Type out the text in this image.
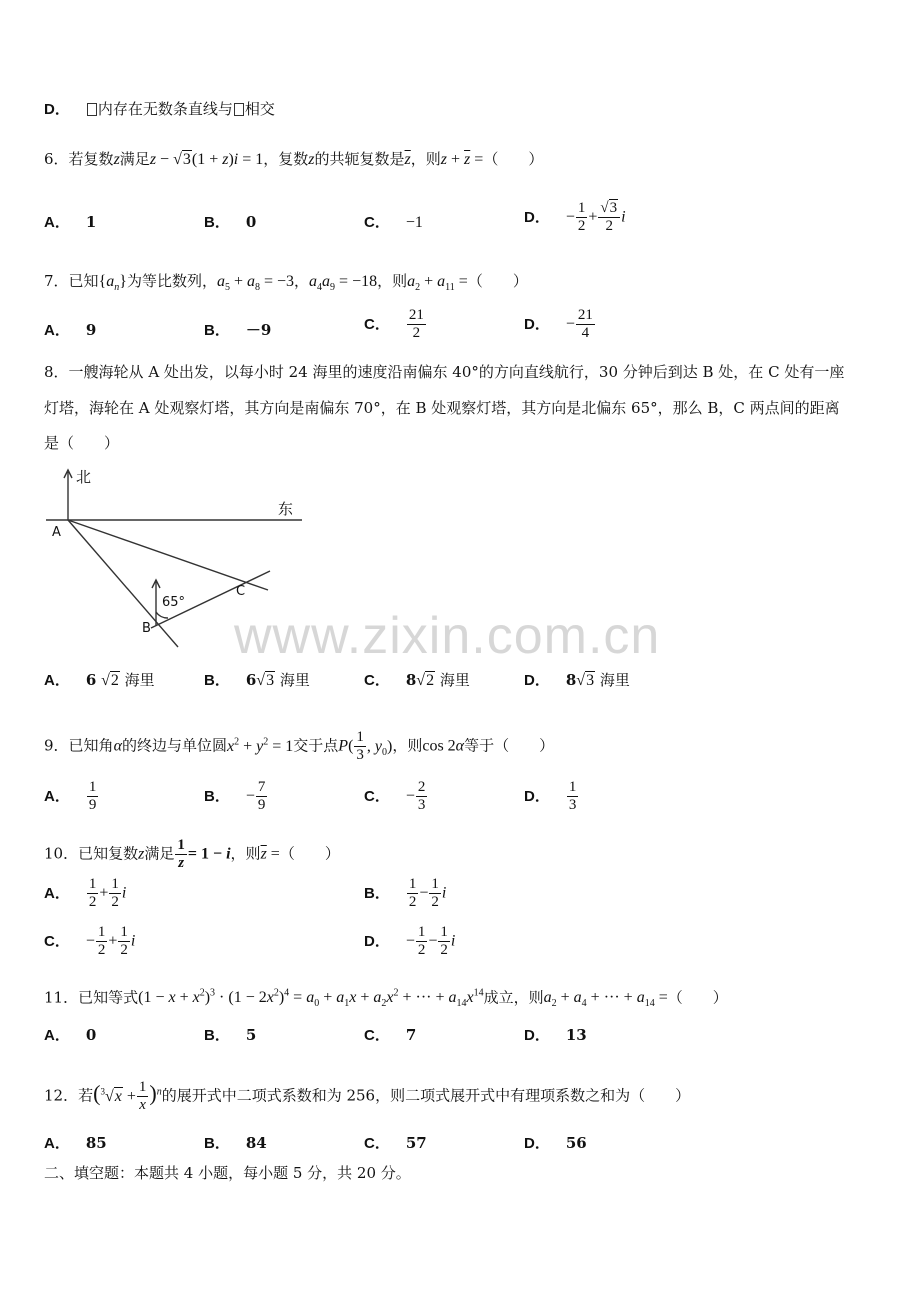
D． 内存在无数条直线与 相交
6．若复数z满足z − √3(1 + z)i = 1，复数z的共轭复数是$\overline{z}$，则$z + \overline{z}$ =（　　）
A． 1	B． 0	C． −1	D． − $\frac{1}{2} + \frac{√3}{2}$ i
7．已知$\{a_n\}$为等比数列，$a_5 + a_8 = -3$，$a_4a_9 = -18$，则$a_2 + a_{11}$ =（　　）
A． 9	B． －9	C． $\frac{21}{2}$	D． − $\frac{21}{4}$
8．一艘海轮从 A 处出发，以每小时 24 海里的速度沿南偏东 40°的方向直线航行，30 分钟后到达 B 处，在 C 处有一座
灯塔，海轮在 A 处观察灯塔，其方向是南偏东 70°，在 B 处观察灯塔，其方向是北偏东 65°，那么 B，C 两点间的距离
是（　　）
北
东
A
B
C
65°
www.zixin.com.cn
A． 6 √2 海里	B． 6√3 海里	C． 8√2 海里	D． 8√3 海里
9．已知角α的终边与单位圆$x^2 + y^2 = 1$交于点$P( \frac{1}{3}$ , $y_0$)，则cos 2α等于（　　）
A． $\frac{1}{9}$	B． − $\frac{7}{9}$	C． − $\frac{2}{3}$	D． $\frac{1}{3}$
10．已知复数z满足 $\frac{1}{z} = 1 - i$，则$\overline{z}$ =（　　）
A． $\frac{1}{2} + \frac{1}{2}$ i	B． $\frac{1}{2} - \frac{1}{2}$ i
C． − $\frac{1}{2} + \frac{1}{2}$ i	D． − $\frac{1}{2} - \frac{1}{2}$ i
11．已知等式$(1 - x + x^2)^3 \cdot (1 - 2x^2)^4 = a_0 + a_1x + a_2x^2$ + ··· + $a_{14}x^{14}$成立，则$a_2 + a_4$ + ··· + $a_{14}$ =（　　）
A． 0	B． 5	C． 7	D． 13
12．若$(^3√x + \frac{1}{x} )^n$的展开式中二项式系数和为 256，则二项式展开式中有理项系数之和为（　　）
A． 85	B． 84	C． 57	D． 56
二、填空题：本题共 4 小题，每小题 5 分，共 20 分。
